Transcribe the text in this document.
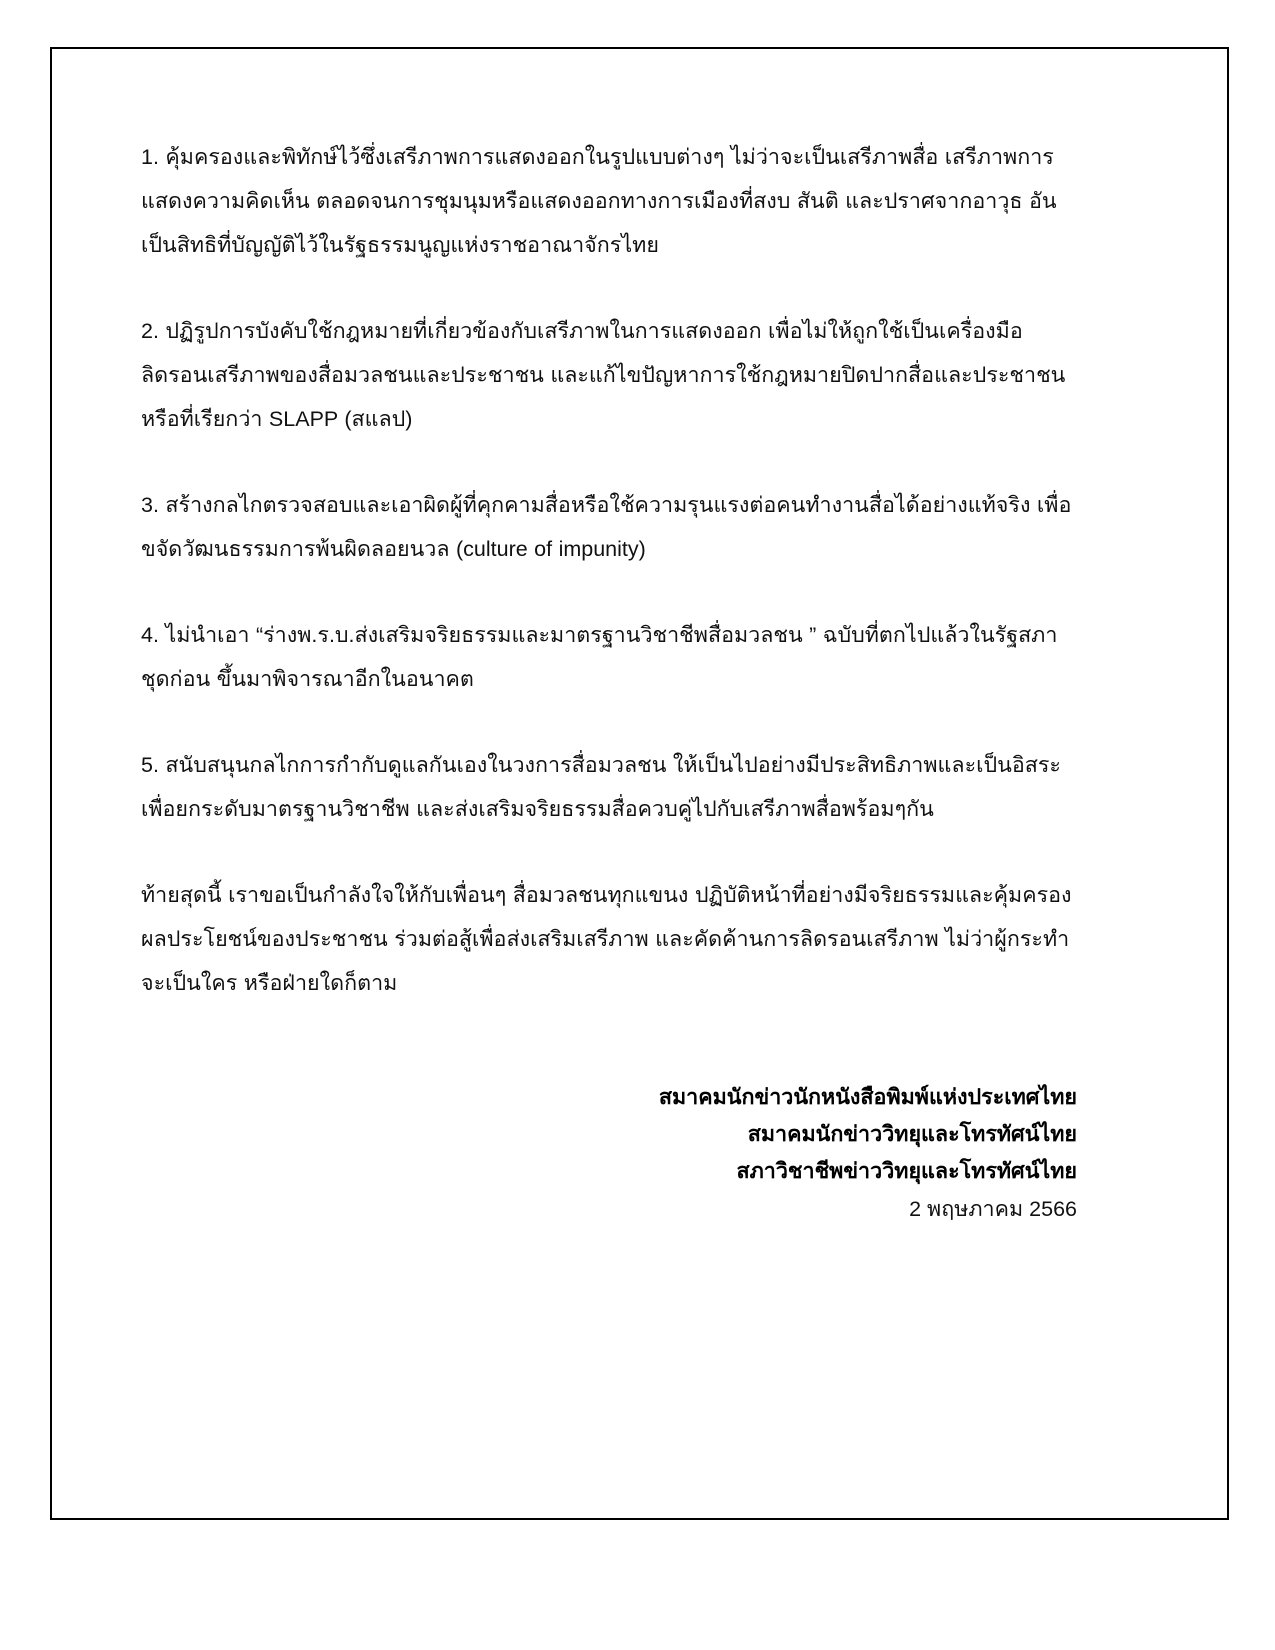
1. คุ้มครองและพิทักษ์ไว้ซึ่งเสรีภาพการแสดงออกในรูปแบบต่างๆ ไม่ว่าจะเป็นเสรีภาพสื่อ เสรีภาพการแสดงความคิดเห็น ตลอดจนการชุมนุมหรือแสดงออกทางการเมืองที่สงบ สันติ และปราศจากอาวุธ อันเป็นสิทธิที่บัญญัติไว้ในรัฐธรรมนูญแห่งราชอาณาจักรไทย

2. ปฏิรูปการบังคับใช้กฎหมายที่เกี่ยวข้องกับเสรีภาพในการแสดงออก เพื่อไม่ให้ถูกใช้เป็นเครื่องมือลิดรอนเสรีภาพของสื่อมวลชนและประชาชน และแก้ไขปัญหาการใช้กฎหมายปิดปากสื่อและประชาชน หรือที่เรียกว่า SLAPP (สแลป)

3. สร้างกลไกตรวจสอบและเอาผิดผู้ที่คุกคามสื่อหรือใช้ความรุนแรงต่อคนทำงานสื่อได้อย่างแท้จริง เพื่อขจัดวัฒนธรรมการพ้นผิดลอยนวล (culture of impunity)

4. ไม่นำเอา “ร่างพ.ร.บ.ส่งเสริมจริยธรรมและมาตรฐานวิชาชีพสื่อมวลชน ” ฉบับที่ตกไปแล้วในรัฐสภาชุดก่อน ขึ้นมาพิจารณาอีกในอนาคต

5. สนับสนุนกลไกการกำกับดูแลกันเองในวงการสื่อมวลชน ให้เป็นไปอย่างมีประสิทธิภาพและเป็นอิสระ เพื่อยกระดับมาตรฐานวิชาชีพ และส่งเสริมจริยธรรมสื่อควบคู่ไปกับเสรีภาพสื่อพร้อมๆกัน

ท้ายสุดนี้ เราขอเป็นกำลังใจให้กับเพื่อนๆ สื่อมวลชนทุกแขนง ปฏิบัติหน้าที่อย่างมีจริยธรรมและคุ้มครองผลประโยชน์ของประชาชน ร่วมต่อสู้เพื่อส่งเสริมเสรีภาพ และคัดค้านการลิดรอนเสรีภาพ ไม่ว่าผู้กระทำจะเป็นใคร หรือฝ่ายใดก็ตาม

สมาคมนักข่าวนักหนังสือพิมพ์แห่งประเทศไทย
สมาคมนักข่าววิทยุและโทรทัศน์ไทย
สภาวิชาชีพข่าววิทยุและโทรทัศน์ไทย
2 พฤษภาคม 2566
